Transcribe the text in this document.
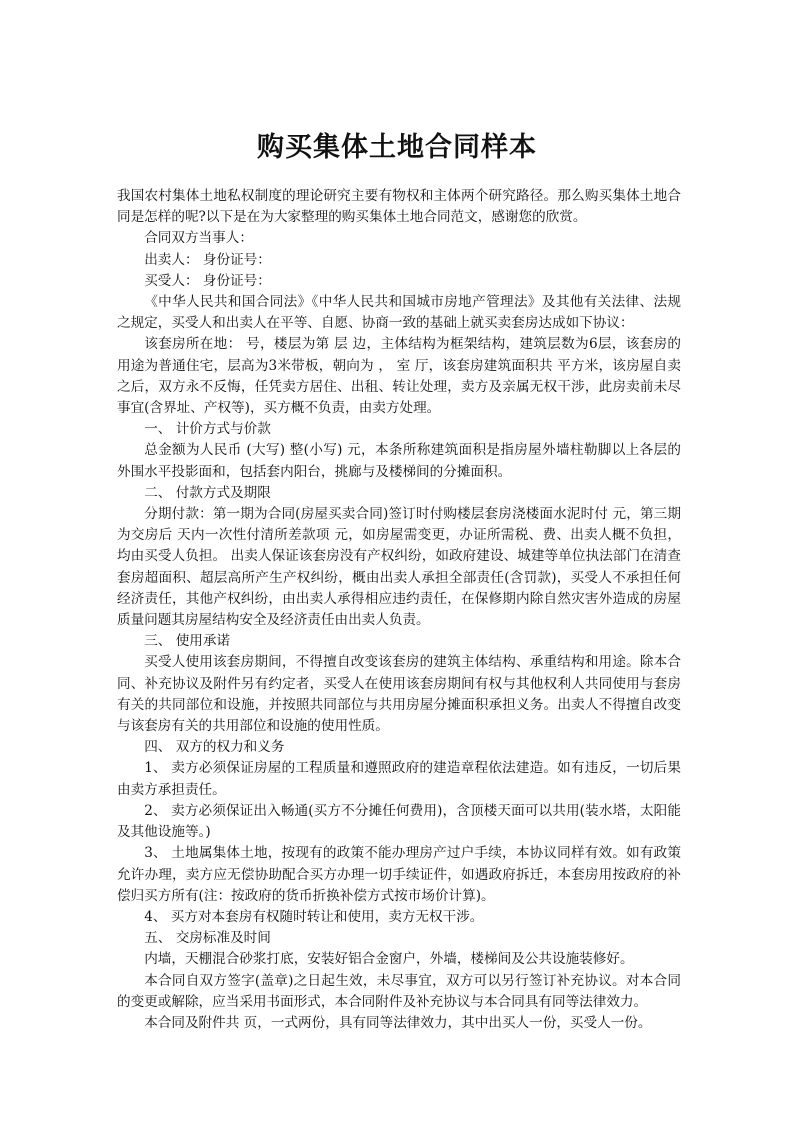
购买集体土地合同样本

我国农村集体土地私权制度的理论研究主要有物权和主体两个研究路径。那么购买集体土地合同是怎样的呢?以下是在为大家整理的购买集体土地合同范文，感谢您的欣赏。

合同双方当事人：

出卖人： 身份证号：

买受人： 身份证号：

《中华人民共和国合同法》《中华人民共和国城市房地产管理法》及其他有关法律、法规之规定，买受人和出卖人在平等、自愿、协商一致的基础上就买卖套房达成如下协议：

该套房所在地： 号，楼层为第 层 边，主体结构为框架结构，建筑层数为6层，该套房的用途为普通住宅，层高为3米带板，朝向为 ， 室 厅，该套房建筑面积共 平方米，该房屋自卖之后，双方永不反悔，任凭卖方居住、出租、转让处理，卖方及亲属无权干涉，此房卖前未尽事宜(含界址、产权等)，买方概不负责，由卖方处理。

一、 计价方式与价款

总金额为人民币 (大写) 整(小写) 元，本条所称建筑面积是指房屋外墙柱勒脚以上各层的外围水平投影面和，包括套内阳台，挑廊与及楼梯间的分摊面积。

二、 付款方式及期限

分期付款：第一期为合同(房屋买卖合同)签订时付购楼层套房浇楼面水泥时付 元，第三期为交房后 天内一次性付清所差款项 元，如房屋需变更，办证所需税、费、出卖人概不负担，均由买受人负担。 出卖人保证该套房没有产权纠纷，如政府建设、城建等单位执法部门在清查套房超面积、超层高所产生产权纠纷，概由出卖人承担全部责任(含罚款)，买受人不承担任何经济责任，其他产权纠纷，由出卖人承得相应违约责任，在保修期内除自然灾害外造成的房屋质量问题其房屋结构安全及经济责任由出卖人负责。

三、 使用承诺

买受人使用该套房期间，不得擅自改变该套房的建筑主体结构、承重结构和用途。除本合同、补充协议及附件另有约定者，买受人在使用该套房期间有权与其他权利人共同使用与套房有关的共同部位和设施，并按照共同部位与共用房屋分摊面积承担义务。出卖人不得擅自改变与该套房有关的共用部位和设施的使用性质。

四、 双方的权力和义务

1、 卖方必须保证房屋的工程质量和遵照政府的建造章程依法建造。如有违反，一切后果由卖方承担责任。

2、 卖方必须保证出入畅通(买方不分摊任何费用)，含顶楼天面可以共用(装水塔，太阳能及其他设施等。)

3、 土地属集体土地，按现有的政策不能办理房产过户手续，本协议同样有效。如有政策允许办理，卖方应无偿协助配合买方办理一切手续证件，如遇政府拆迁，本套房用按政府的补偿归买方所有(注：按政府的货币折换补偿方式按市场价计算)。

4、 买方对本套房有权随时转让和使用，卖方无权干涉。

五、 交房标准及时间

内墙，天棚混合砂浆打底，安装好铝合金窗户，外墙，楼梯间及公共设施装修好。

本合同自双方签字(盖章)之日起生效，未尽事宜，双方可以另行签订补充协议。对本合同的变更或解除，应当采用书面形式，本合同附件及补充协议与本合同具有同等法律效力。

本合同及附件共 页，一式两份，具有同等法律效力，其中出买人一份，买受人一份。
